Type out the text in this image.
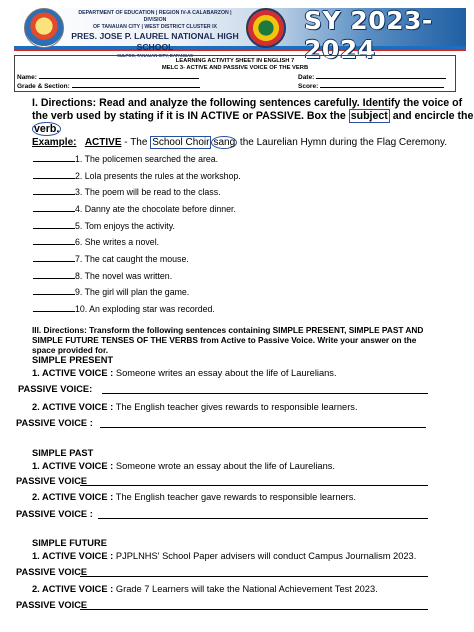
DEPARTMENT OF EDUCATION | REGION IV-A CALABARZON | DIVISION
OF TANAUAN CITY | WEST DISTRICT CLUSTER IX
PRES. JOSE P. LAUREL NATIONAL HIGH SCHOOL
SULPOC, TANAUAN CITY, BATANGAS
SY 2023-2024
LEARNING ACTIVITY SHEET IN ENGLISH 7
MELC 3- ACTIVE AND PASSIVE VOICE OF THE VERB
Name:
Grade & Section:
Date:
Score:
I. Directions: Read and analyze the following sentences carefully. Identify the voice of
the verb used by stating if it is IN ACTIVE or PASSIVE. Box the subject and encircle the
verb.
Example: ACTIVE - The School Choir sang the Laurelian Hymn during the Flag Ceremony.
1. The policemen searched the area.
2. Lola presents the rules at the workshop.
3. The poem will be read to the class.
4. Danny ate the chocolate before dinner.
5. Tom enjoys the activity.
6. She writes a novel.
7. The cat caught the mouse.
8. The novel was written.
9. The girl will plan the game.
10. An exploding star was recorded.
III. Directions: Transform the following sentences containing SIMPLE PRESENT, SIMPLE PAST AND
SIMPLE FUTURE TENSES OF THE VERBS from Active to Passive Voice. Write your answer on the
space provided for.
SIMPLE PRESENT
1. ACTIVE VOICE : Someone writes an essay about the life of Laurelians.
PASSIVE VOICE:
2. ACTIVE VOICE : The English teacher gives rewards to responsible learners.
PASSIVE VOICE :
SIMPLE PAST
1. ACTIVE VOICE : Someone wrote an essay about the life of Laurelians.
PASSIVE VOICE
2. ACTIVE VOICE : The English teacher gave rewards to responsible learners.
PASSIVE VOICE :
SIMPLE FUTURE
1. ACTIVE VOICE : PJPLNHS' School Paper advisers will conduct Campus Journalism 2023.
PASSIVE VOICE
2. ACTIVE VOICE : Grade 7 Learners will take the National Achievement Test 2023.
PASSIVE VOICE
